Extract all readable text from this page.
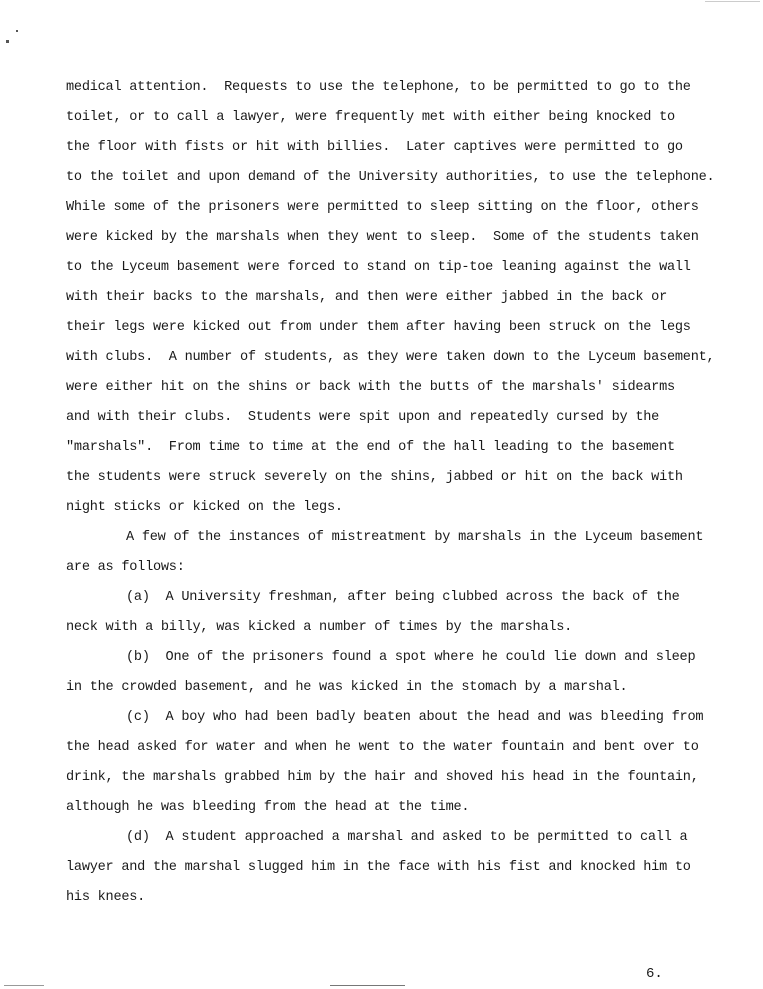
medical attention.  Requests to use the telephone, to be permitted to go to the
toilet, or to call a lawyer, were frequently met with either being knocked to
the floor with fists or hit with billies.  Later captives were permitted to go
to the toilet and upon demand of the University authorities, to use the telephone.
While some of the prisoners were permitted to sleep sitting on the floor, others
were kicked by the marshals when they went to sleep.  Some of the students taken
to the Lyceum basement were forced to stand on tip-toe leaning against the wall
with their backs to the marshals, and then were either jabbed in the back or
their legs were kicked out from under them after having been struck on the legs
with clubs.  A number of students, as they were taken down to the Lyceum basement,
were either hit on the shins or back with the butts of the marshals' sidearms
and with their clubs.  Students were spit upon and repeatedly cursed by the
"marshals".  From time to time at the end of the hall leading to the basement
the students were struck severely on the shins, jabbed or hit on the back with
night sticks or kicked on the legs.
A few of the instances of mistreatment by marshals in the Lyceum basement
are as follows:
(a)  A University freshman, after being clubbed across the back of the
neck with a billy, was kicked a number of times by the marshals.
(b)  One of the prisoners found a spot where he could lie down and sleep
in the crowded basement, and he was kicked in the stomach by a marshal.
(c)  A boy who had been badly beaten about the head and was bleeding from
the head asked for water and when he went to the water fountain and bent over to
drink, the marshals grabbed him by the hair and shoved his head in the fountain,
although he was bleeding from the head at the time.
(d)  A student approached a marshal and asked to be permitted to call a
lawyer and the marshal slugged him in the face with his fist and knocked him to
his knees.
6.
